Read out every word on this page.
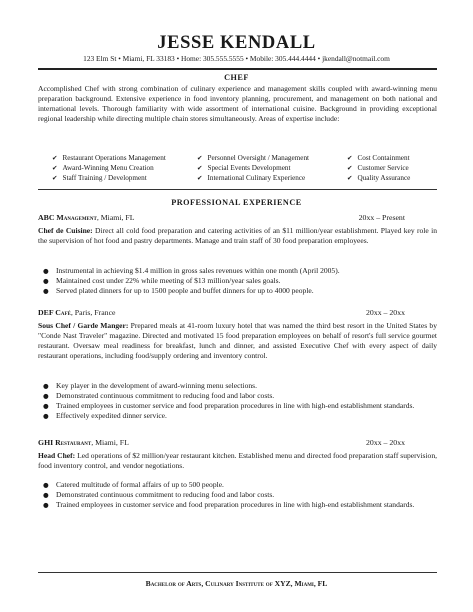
JESSE KENDALL
123 Elm St • Miami, FL 33183 • Home: 305.555.5555 • Mobile: 305.444.4444 • jkendall@notmail.com
CHEF
Accomplished Chef with strong combination of culinary experience and management skills coupled with award-winning menu preparation background. Extensive experience in food inventory planning, procurement, and management on both national and international levels. Thorough familiarity with wide assortment of international cuisine. Background in providing exceptional regional leadership while directing multiple chain stores simultaneously. Areas of expertise include:
✔ Restaurant Operations Management	✔ Personnel Oversight / Management	✔ Cost Containment
✔ Award-Winning Menu Creation	✔ Special Events Development	✔ Customer Service
✔ Staff Training / Development	✔ International Culinary Experience	✔ Quality Assurance
PROFESSIONAL EXPERIENCE
ABC Management, Miami, FL	20xx – Present
Chef de Cuisine: Direct all cold food preparation and catering activities of an $11 million/year establishment. Played key role in the supervision of hot food and pastry departments. Manage and train staff of 30 food preparation employees.
● Instrumental in achieving $1.4 million in gross sales revenues within one month (April 2005).
● Maintained cost under 22% while meeting of $13 million/year sales goals.
● Served plated dinners for up to 1500 people and buffet dinners for up to 4000 people.
DEF Café, Paris, France	20xx – 20xx
Sous Chef / Garde Manger: Prepared meals at 41-room luxury hotel that was named the third best resort in the United States by "Conde Nast Traveler" magazine. Directed and motivated 15 food preparation employees on behalf of resort's full service gourmet restaurant. Oversaw meal readiness for breakfast, lunch and dinner, and assisted Executive Chef with every aspect of daily restaurant operations, including food/supply ordering and inventory control.
● Key player in the development of award-winning menu selections.
● Demonstrated continuous commitment to reducing food and labor costs.
● Trained employees in customer service and food preparation procedures in line with high-end establishment standards.
● Effectively expedited dinner service.
GHI Restaurant, Miami, FL	20xx – 20xx
Head Chef: Led operations of $2 million/year restaurant kitchen. Established menu and directed food preparation staff supervision, food inventory control, and vendor negotiations.
● Catered multitude of formal affairs of up to 500 people.
● Demonstrated continuous commitment to reducing food and labor costs.
● Trained employees in customer service and food preparation procedures in line with high-end establishment standards.
Bachelor of Arts, Culinary Institute of XYZ, Miami, FL
